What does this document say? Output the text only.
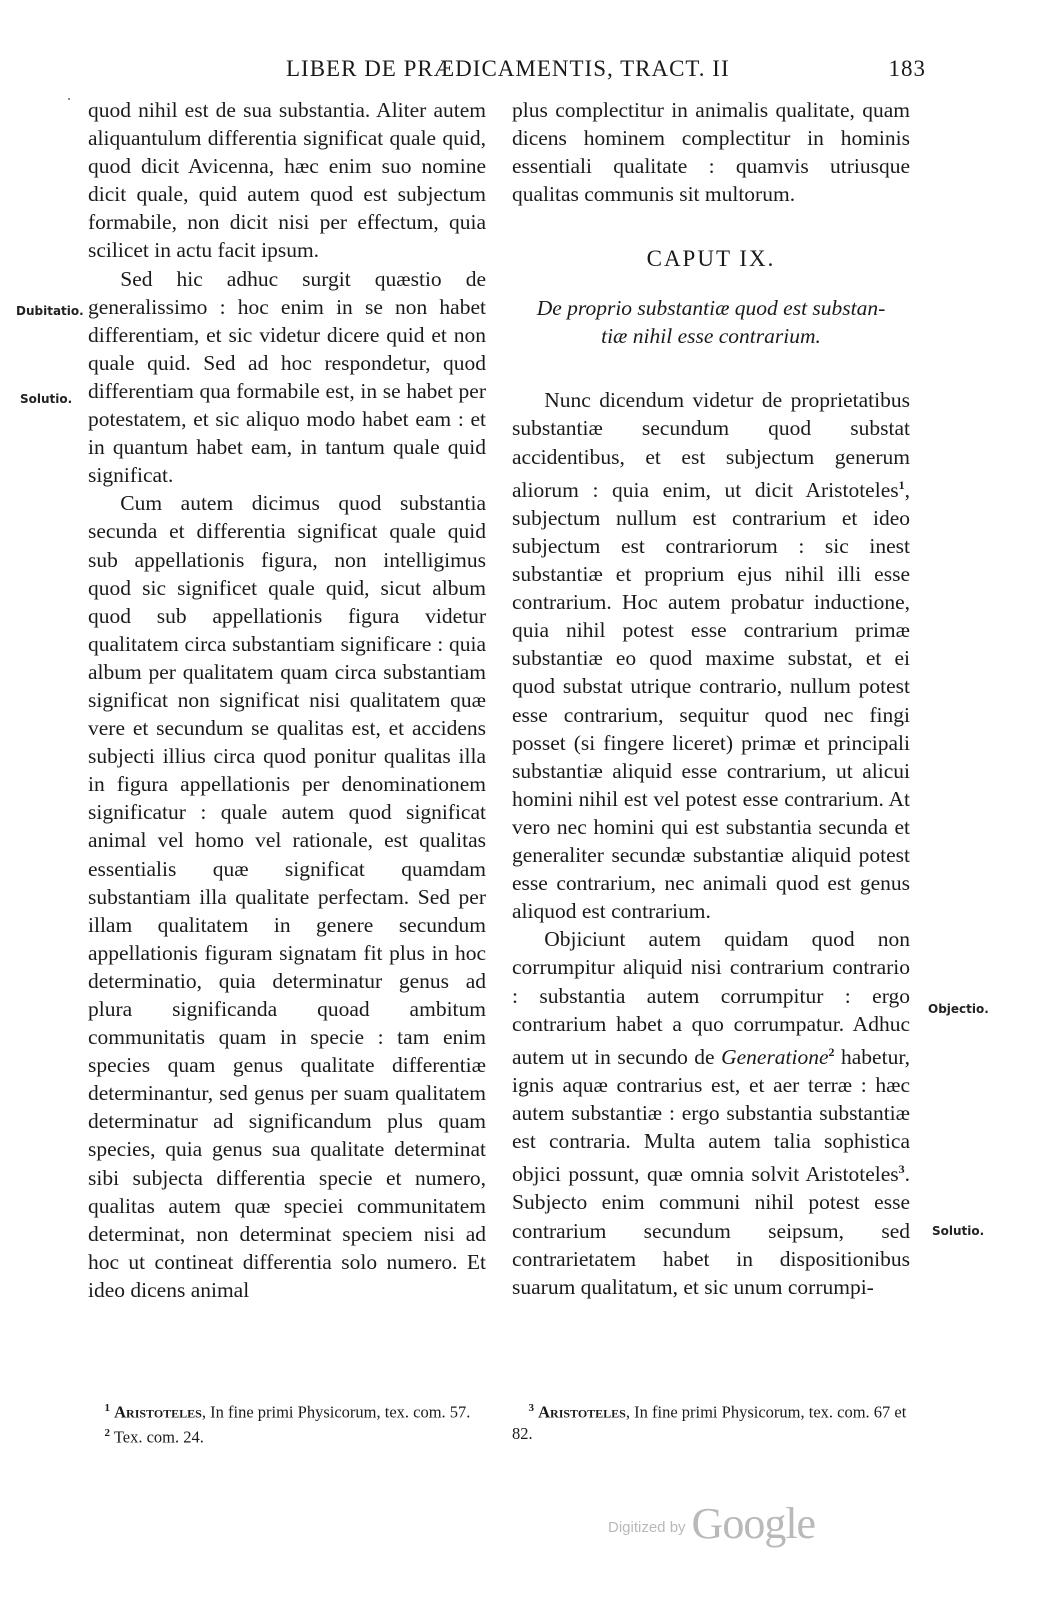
LIBER DE PRÆDICAMENTIS, TRACT. II	183
Dubitatio.
Solutio.
Objectio.
Solutio.

quod nihil est de sua substantia. Aliter autem aliquantulum differentia significat quale quid, quod dicit Avicenna, hæc enim suo nomine dicit quale, quid autem quod est subjectum formabile, non dicit nisi per effectum, quia scilicet in actu facit ipsum.

Sed hic adhuc surgit quæstio de generalissimo : hoc enim in se non habet differentiam, et sic videtur dicere quid et non quale quid. Sed ad hoc respondetur, quod differentiam qua formabile est, in se habet per potestatem, et sic aliquo modo habet eam : et in quantum habet eam, in tantum quale quid significat.

Cum autem dicimus quod substantia secunda et differentia significat quale quid sub appellationis figura, non intelligimus quod sic significet quale quid, sicut album quod sub appellationis figura videtur qualitatem circa substantiam significare : quia album per qualitatem quam circa substantiam significat non significat nisi qualitatem quæ vere et secundum se qualitas est, et accidens subjecti illius circa quod ponitur qualitas illa in figura appellationis per denominationem significatur : quale autem quod significat animal vel homo vel rationale, est qualitas essentialis quæ significat quamdam substantiam illa qualitate perfectam. Sed per illam qualitatem in genere secundum appellationis figuram signatam fit plus in hoc determinatio, quia determinatur genus ad plura significanda quoad ambitum communitatis quam in specie : tam enim species quam genus qualitate differentiæ determinantur, sed genus per suam qualitatem determinatur ad significandum plus quam species, quia genus sua qualitate determinat sibi subjecta differentia specie et numero, qualitas autem quæ speciei communitatem determinat, non determinat speciem nisi ad hoc ut contineat differentia solo numero. Et ideo dicens animal

plus complectitur in animalis qualitate, quam dicens hominem complectitur in hominis essentiali qualitate : quamvis utriusque qualitas communis sit multorum.

CAPUT IX.
De proprio substantiæ quod est substan-
tiæ nihil esse contrarium.

Nunc dicendum videtur de proprietatibus substantiæ secundum quod substat accidentibus, et est subjectum generum aliorum : quia enim, ut dicit Aristoteles$^1$, subjectum nullum est contrarium et ideo subjectum est contrariorum : sic inest substantiæ et proprium ejus nihil illi esse contrarium. Hoc autem probatur inductione, quia nihil potest esse contrarium primæ substantiæ eo quod maxime substat, et ei quod substat utrique contrario, nullum potest esse contrarium, sequitur quod nec fingi posset (si fingere liceret) primæ et principali substantiæ aliquid esse contrarium, ut alicui homini nihil est vel potest esse contrarium. At vero nec homini qui est substantia secunda et generaliter secundæ substantiæ aliquid potest esse contrarium, nec animali quod est genus aliquod est contrarium.

Objiciunt autem quidam quod non corrumpitur aliquid nisi contrarium contrario : substantia autem corrumpitur : ergo contrarium habet a quo corrumpatur. Adhuc autem ut in secundo de Generatione$^2$ habetur, ignis aquæ contrarius est, et aer terræ : hæc autem substantiæ : ergo substantia substantiæ est contraria. Multa autem talia sophistica objici possunt, quæ omnia solvit Aristoteles$^3$. Subjecto enim communi nihil potest esse contrarium secundum seipsum, sed contrarietatem habet in dispositionibus suarum qualitatum, et sic unum corrumpi-

$^1$ Aristoteles, In fine primi Physicorum, tex. com. 57.

$^2$ Tex. com. 24.

$^3$ Aristoteles, In fine primi Physicorum, tex. com. 67 et 82.

Digitized by Google
